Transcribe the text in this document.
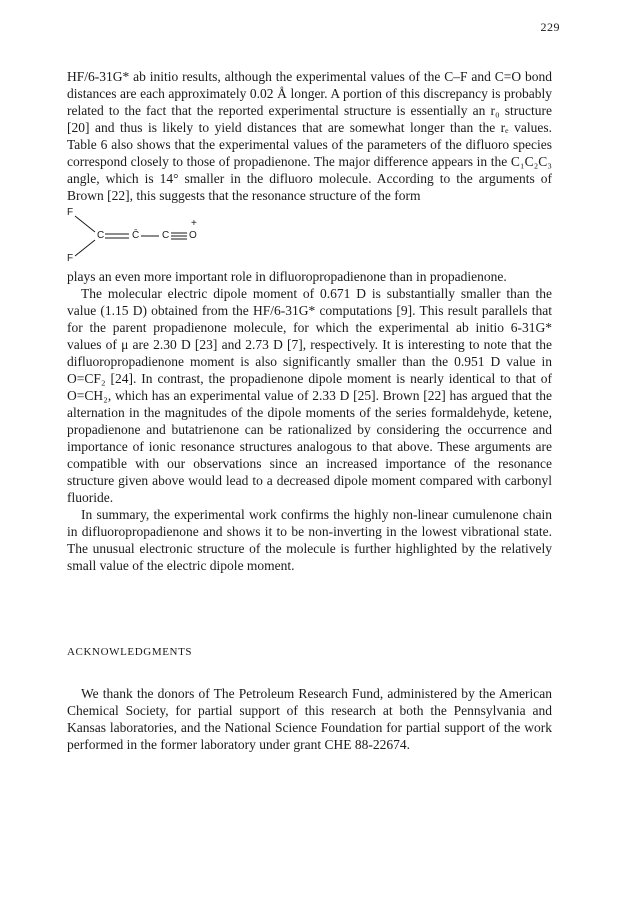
229

HF/6-31G* ab initio results, although the experimental values of the C–F and C=O bond distances are each approximately 0.02 Å longer. A portion of this discrepancy is probably related to the fact that the reported experimental structure is essentially an r₀ structure [20] and thus is likely to yield distances that are somewhat longer than the rₑ values. Table 6 also shows that the experimental values of the parameters of the difluoro species correspond closely to those of propadienone. The major difference appears in the C₁C₂C₃ angle, which is 14° smaller in the difluoro molecule. According to the arguments of Brown [22], this suggests that the resonance structure of the form

F
F
C	C̄ C O
+

plays an even more important role in difluoropropadienone than in propadienone.

The molecular electric dipole moment of 0.671 D is substantially smaller than the value (1.15 D) obtained from the HF/6-31G* computations [9]. This result parallels that for the parent propadienone molecule, for which the experimental ab initio 6-31G* values of μ are 2.30 D [23] and 2.73 D [7], respectively. It is interesting to note that the difluoropropadienone moment is also significantly smaller than the 0.951 D value in O=CF₂ [24]. In contrast, the propadienone dipole moment is nearly identical to that of O=CH₂, which has an experimental value of 2.33 D [25]. Brown [22] has argued that the alternation in the magnitudes of the dipole moments of the series formaldehyde, ketene, propadienone and butatrienone can be rationalized by considering the occurrence and importance of ionic resonance structures analogous to that above. These arguments are compatible with our observations since an increased importance of the resonance structure given above would lead to a decreased dipole moment compared with carbonyl fluoride.

In summary, the experimental work confirms the highly non-linear cumulenone chain in difluoropropadienone and shows it to be non-inverting in the lowest vibrational state. The unusual electronic structure of the molecule is further highlighted by the relatively small value of the electric dipole moment.

ACKNOWLEDGMENTS

We thank the donors of The Petroleum Research Fund, administered by the American Chemical Society, for partial support of this research at both the Pennsylvania and Kansas laboratories, and the National Science Foundation for partial support of the work performed in the former laboratory under grant CHE 88-22674.
